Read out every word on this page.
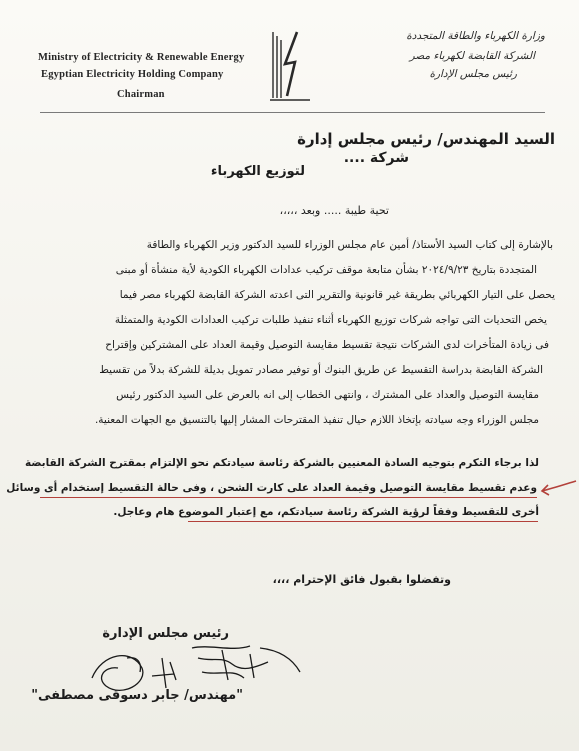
Ministry of Electricity & Renewable Energy
Egyptian Electricity Holding Company
Chairman
وزارة الكهرباء والطاقة المتجددة
الشركة القابضة لكهرباء مصر
رئيس مجلس الإدارة
السيد المهندس/ رئيس مجلس إدارة
شركة ....
لتوزيع الكهرباء
تحية طيبة ..... وبعد ،،،،،
بالإشارة إلى كتاب السيد الأستاذ/ أمين عام مجلس الوزراء للسيد الدكتور وزير الكهرباء والطاقة
المتجددة بتاريخ ٢٠٢٤/٩/٢٣ بشأن متابعة موقف تركيب عدادات الكهرباء الكودية لأية منشأة أو مبنى
يحصل على التيار الكهربائي بطريقة غير قانونية والتقرير التى اعدته الشركة القابضة لكهرباء مصر فيما
يخص التحديات التى تواجه شركات توزيع الكهرباء أثناء تنفيذ طلبات تركيب العدادات الكودية والمتمثلة
فى زيادة المتأخرات لدى الشركات نتيجة تقسيط مقايسة التوصيل وقيمة العداد على المشتركين وإقتراح
الشركة القابضة بدراسة التقسيط عن طريق البنوك أو توفير مصادر تمويل بديلة للشركة بدلاً من تقسيط
مقايسة التوصيل والعداد على المشترك ، وانتهى الخطاب إلى انه بالعرض على السيد الدكتور رئيس
مجلس الوزراء وجه سيادته بإتخاذ اللازم حيال تنفيذ المقترحات المشار إليها بالتنسيق مع الجهات المعنية.
لذا برجاء التكرم بتوجيه السادة المعنيين بالشركة رئاسة سيادتكم نحو الإلتزام بمقترح الشركة القابضة
وعدم تقسيط مقايسة التوصيل وقيمة العداد على كارت الشحن ، وفى حالة التقسيط إستخدام أى وسائل
أخرى للتقسيط وفقاً لرؤية الشركة رئاسة سيادتكم، مع إعتبار الموضوع هام وعاجل.
وتفضلوا بقبول فائق الإحترام ،،،،
رئيس مجلس الإدارة
"مهندس/ جابر دسوقى مصطفى"
